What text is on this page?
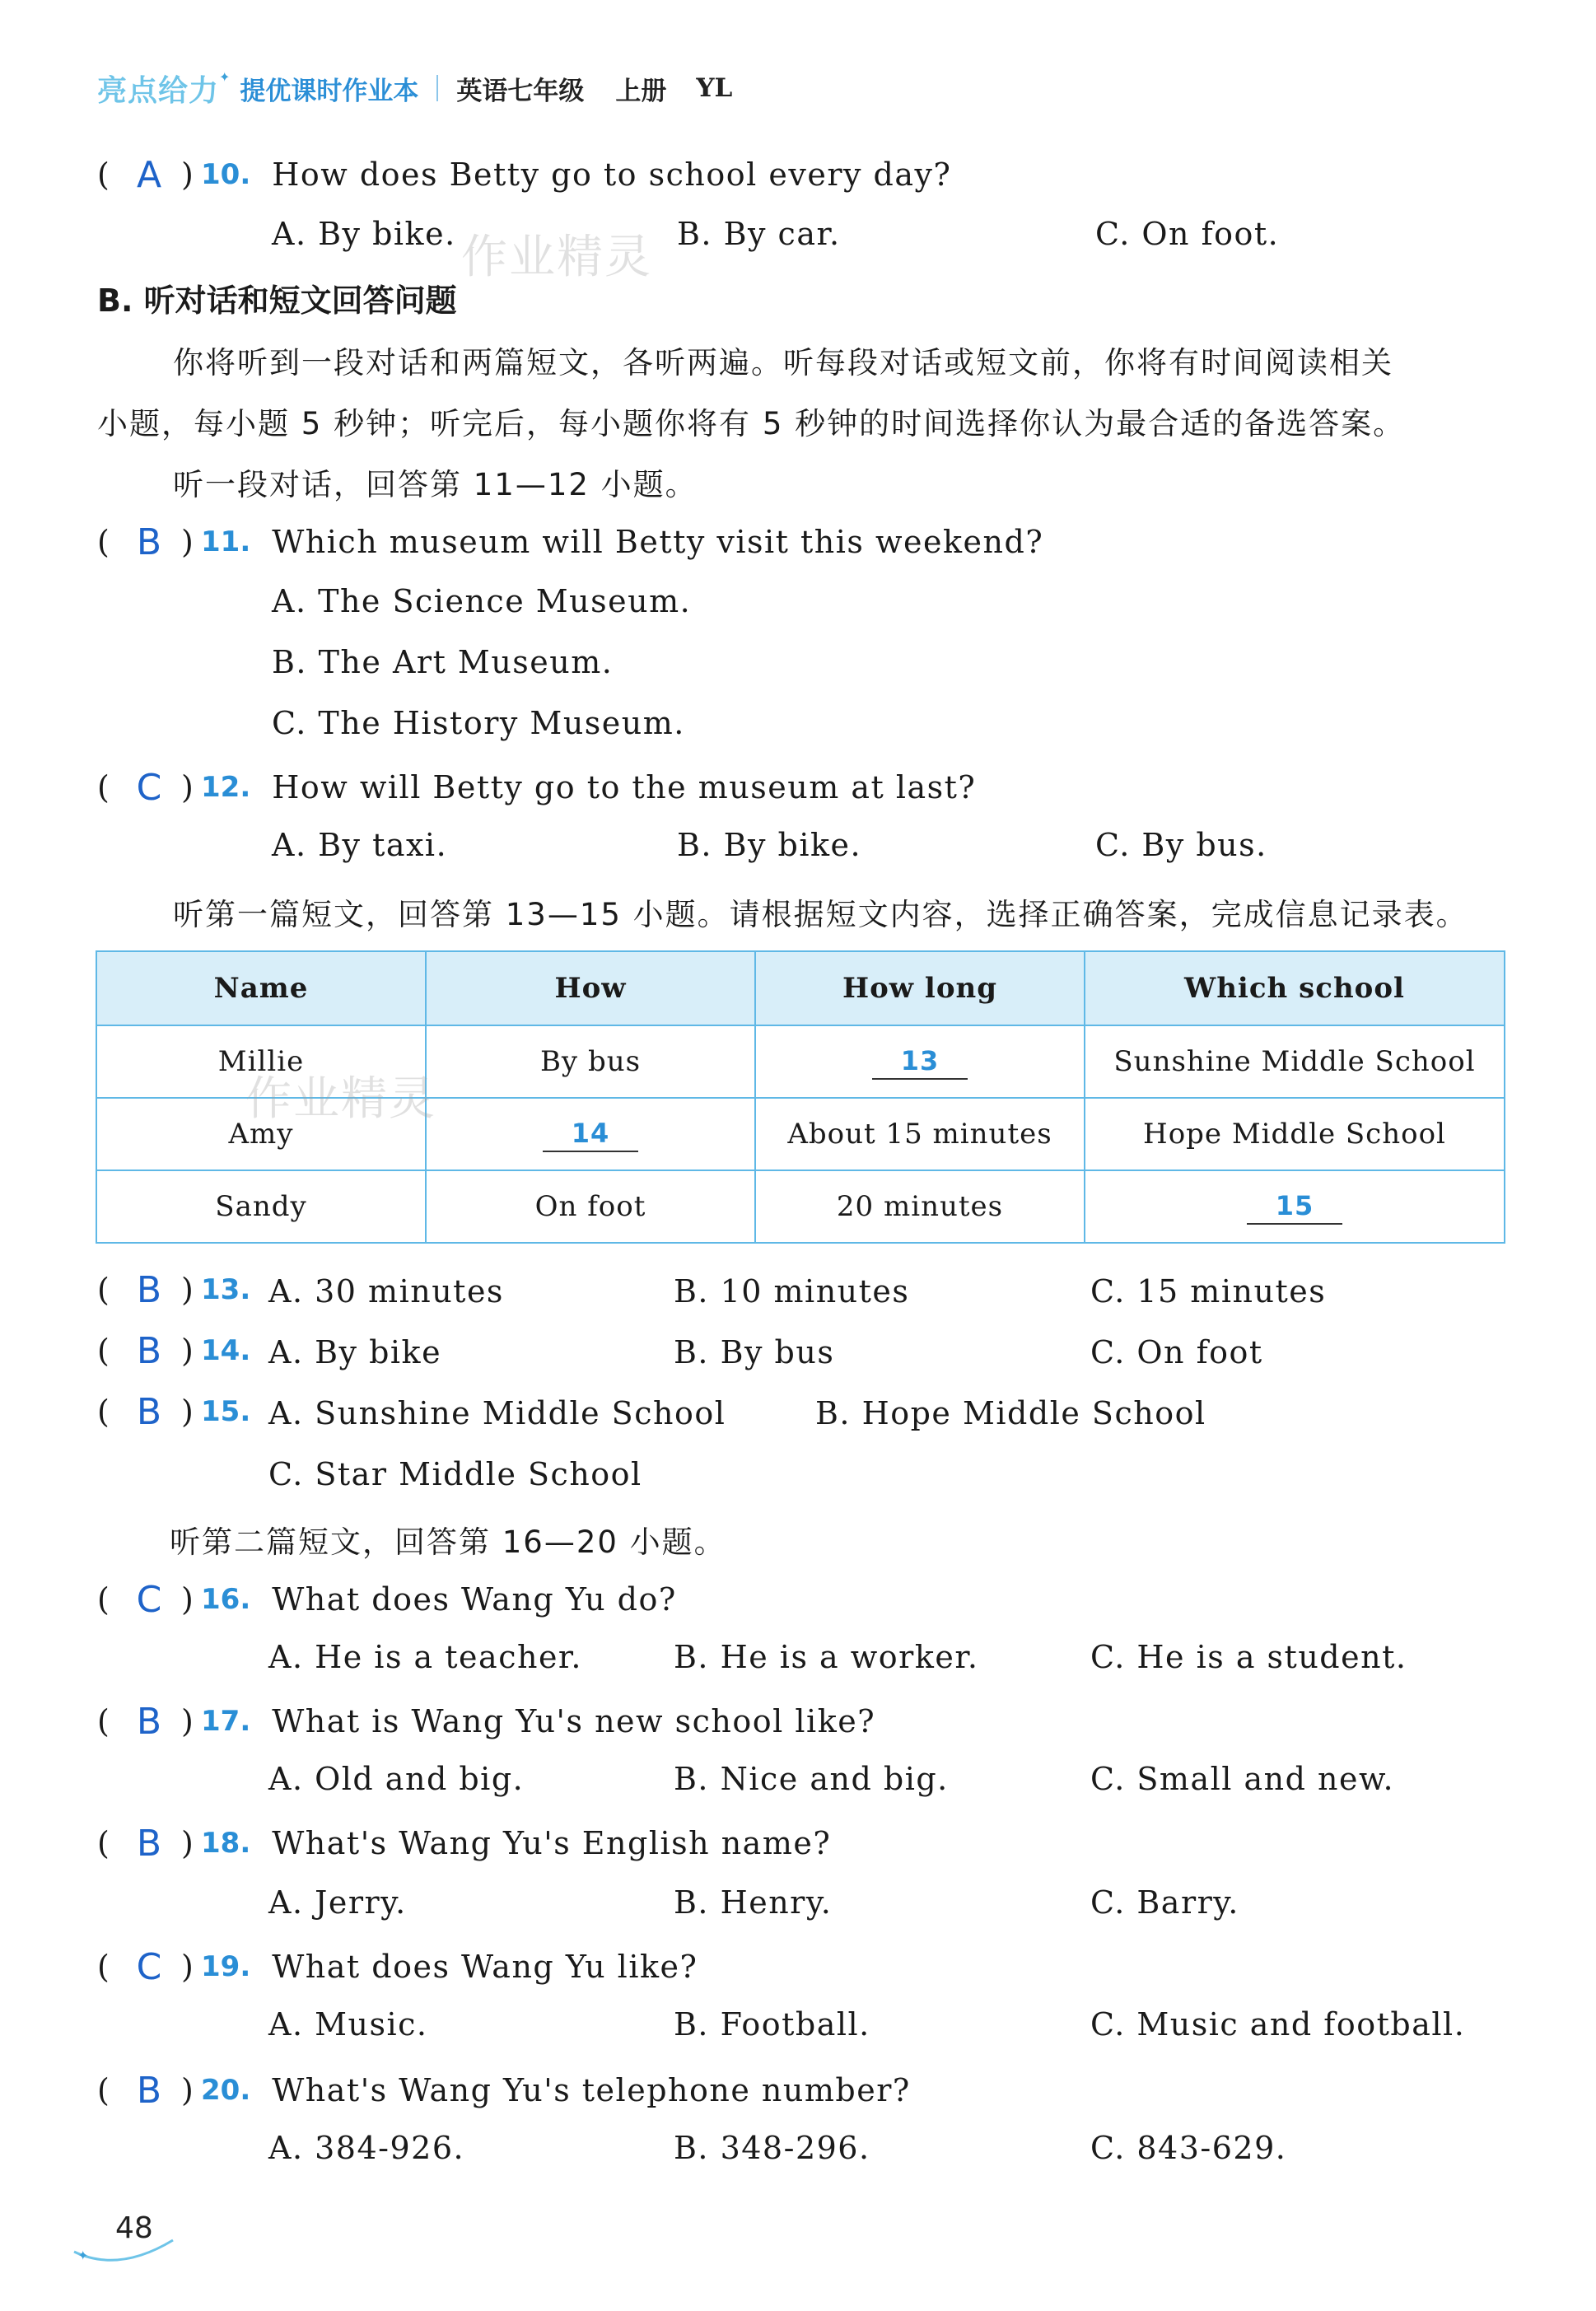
亮点给力 ✦ 提优课时作业本 英语七年级 上册 YL
( A ) 10. How does Betty go to school every day?
A. By bike.	B. By car.	C. On foot.
作业精灵
B. 听对话和短文回答问题
你将听到一段对话和两篇短文，各听两遍。听每段对话或短文前，你将有时间阅读相关
小题，每小题 5 秒钟；听完后，每小题你将有 5 秒钟的时间选择你认为最合适的备选答案。
听一段对话，回答第 11—12 小题。
( B ) 11. Which museum will Betty visit this weekend?
A. The Science Museum.
B. The Art Museum.
C. The History Museum.
( C ) 12. How will Betty go to the museum at last?
A. By taxi.	B. By bike.	C. By bus.
听第一篇短文，回答第 13—15 小题。请根据短文内容，选择正确答案，完成信息记录表。
Name	How	How long	Which school
Millie	By bus	13	Sunshine Middle School
Amy	14	About 15 minutes	Hope Middle School
Sandy	On foot	20 minutes	15
作业精灵
( B ) 13. A. 30 minutes	B. 10 minutes	C. 15 minutes
( B ) 14. A. By bike	B. By bus	C. On foot
( B ) 15. A. Sunshine Middle School	B. Hope Middle School
C. Star Middle School
听第二篇短文，回答第 16—20 小题。
( C ) 16. What does Wang Yu do?
A. He is a teacher.	B. He is a worker.	C. He is a student.
( B ) 17. What is Wang Yu's new school like?
A. Old and big.	B. Nice and big.	C. Small and new.
( B ) 18. What's Wang Yu's English name?
A. Jerry.	B. Henry.	C. Barry.
( C ) 19. What does Wang Yu like?
A. Music.	B. Football.	C. Music and football.
( B ) 20. What's Wang Yu's telephone number?
A. 384-926.	B. 348-296.	C. 843-629.
✦
48
